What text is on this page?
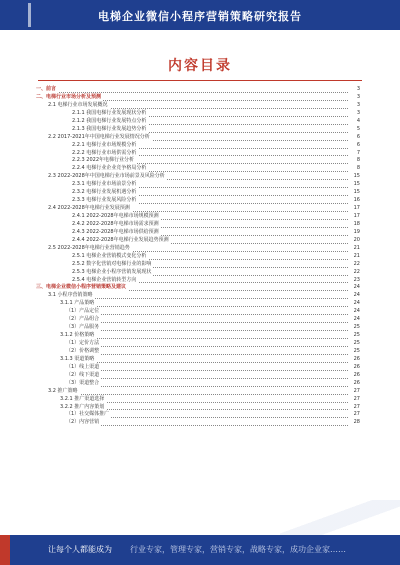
电梯企业微信小程序营销策略研究报告
内容目录
一、前言	3
二、电梯行业市场分析及预测	3
2.1 电梯行业市场发展概况	3
2.1.1 我国电梯行业发展现状分析	3
2.1.2 我国电梯行业发展特点分析	4
2.1.3 我国电梯行业发展趋势分析	5
2.2 2017-2021年中国电梯行业发展情况分析	6
2.2.1 电梯行业市场规模分析	6
2.2.2 电梯行业市场供需分析	7
2.2.3 2022年电梯行业分析	8
2.2.4 电梯行业企业竞争格局分析	8
2.3 2022-2028年中国电梯行业市场前景及风险分析	15
2.3.1 电梯行业市场前景分析	15
2.3.2 电梯行业发展机遇分析	15
2.3.3 电梯行业发展风险分析	16
2.4 2022-2028年电梯行业发展预测	17
2.4.1 2022-2028年电梯市场规模预测	17
2.4.2 2022-2028年电梯市场需求预测	18
2.4.3 2022-2028年电梯市场供给预测	19
2.4.4 2022-2028年电梯行业发展趋势预测	20
2.5 2022-2028年电梯行业营销趋势	21
2.5.1 电梯企业营销模式变化分析	21
2.5.2 数字化营销对电梯行业的影响	22
2.5.3 电梯企业小程序营销发展现状	22
2.5.4 电梯企业营销转型方向	23
三、电梯企业微信小程序营销策略及建议	24
3.1 小程序营销策略	24
3.1.1 产品策略	24
（1）产品定位	24
（2）产品组合	24
（3）产品服务	25
3.1.2 价格策略	25
（1）定价方法	25
（2）价格调整	25
3.1.3 渠道策略	26
（1）线上渠道	26
（2）线下渠道	26
（3）渠道整合	26
3.2 推广策略	27
3.2.1 推广渠道选择	27
3.2.2 推广内容策划	27
（1）社交媒体推广	27
（2）内容营销	28
让每个人都能成为 行业专家，管理专家，营销专家，战略专家，成功企业家……
